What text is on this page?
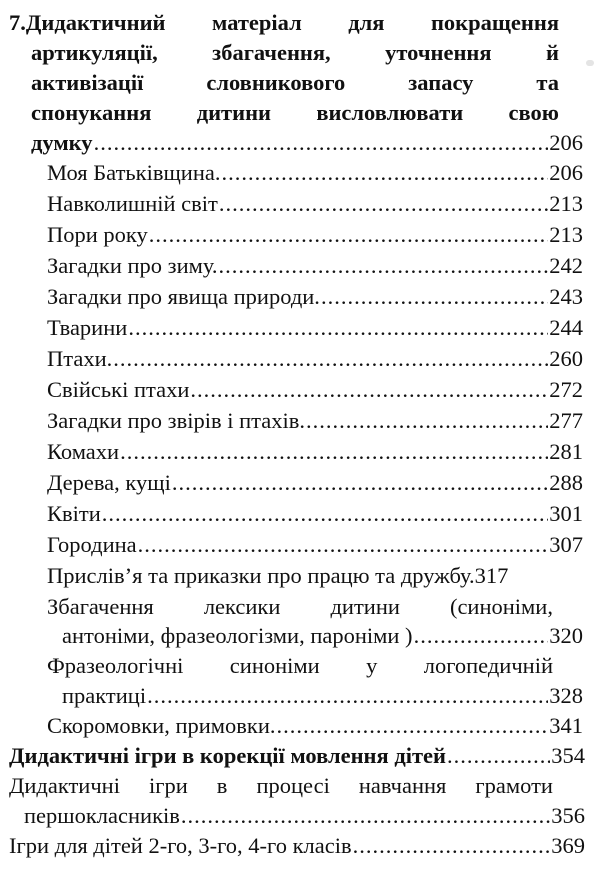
7.Дидактичний матеріал для покращення
артикуляції, збагачення, уточнення й
активізації	словникового	запасу	та
спонукання дитини висловлювати свою
думку .....	206
Моя Батьківщина. .....	206
Навколишній світ .....	213
Пори року .....	213
Загадки про зиму. .....	242
Загадки про явища природи. .....	243
Тварини .....	244
Птахи. .....	260
Свійські птахи .....	272
Загадки про звірів і птахів. .....	277
Комахи .....	281
Дерева, кущі .....	288
Квіти .....	301
Городина .....	307
Прислів’я та приказки про працю та дружбу. 317
Збагачення лексики дитини (синоніми,
антоніми, фразеологізми, пароніми ) .....	320
Фразеологічні синоніми у логопедичній
практиці .....	328
Скоромовки, примовки. .....	341
Дидактичні ігри в корекції мовлення дітей .....	354
Дидактичні ігри в процесі навчання грамоти
першокласників .....	356
Ігри для дітей 2-го, 3-го, 4-го класів .....	369
